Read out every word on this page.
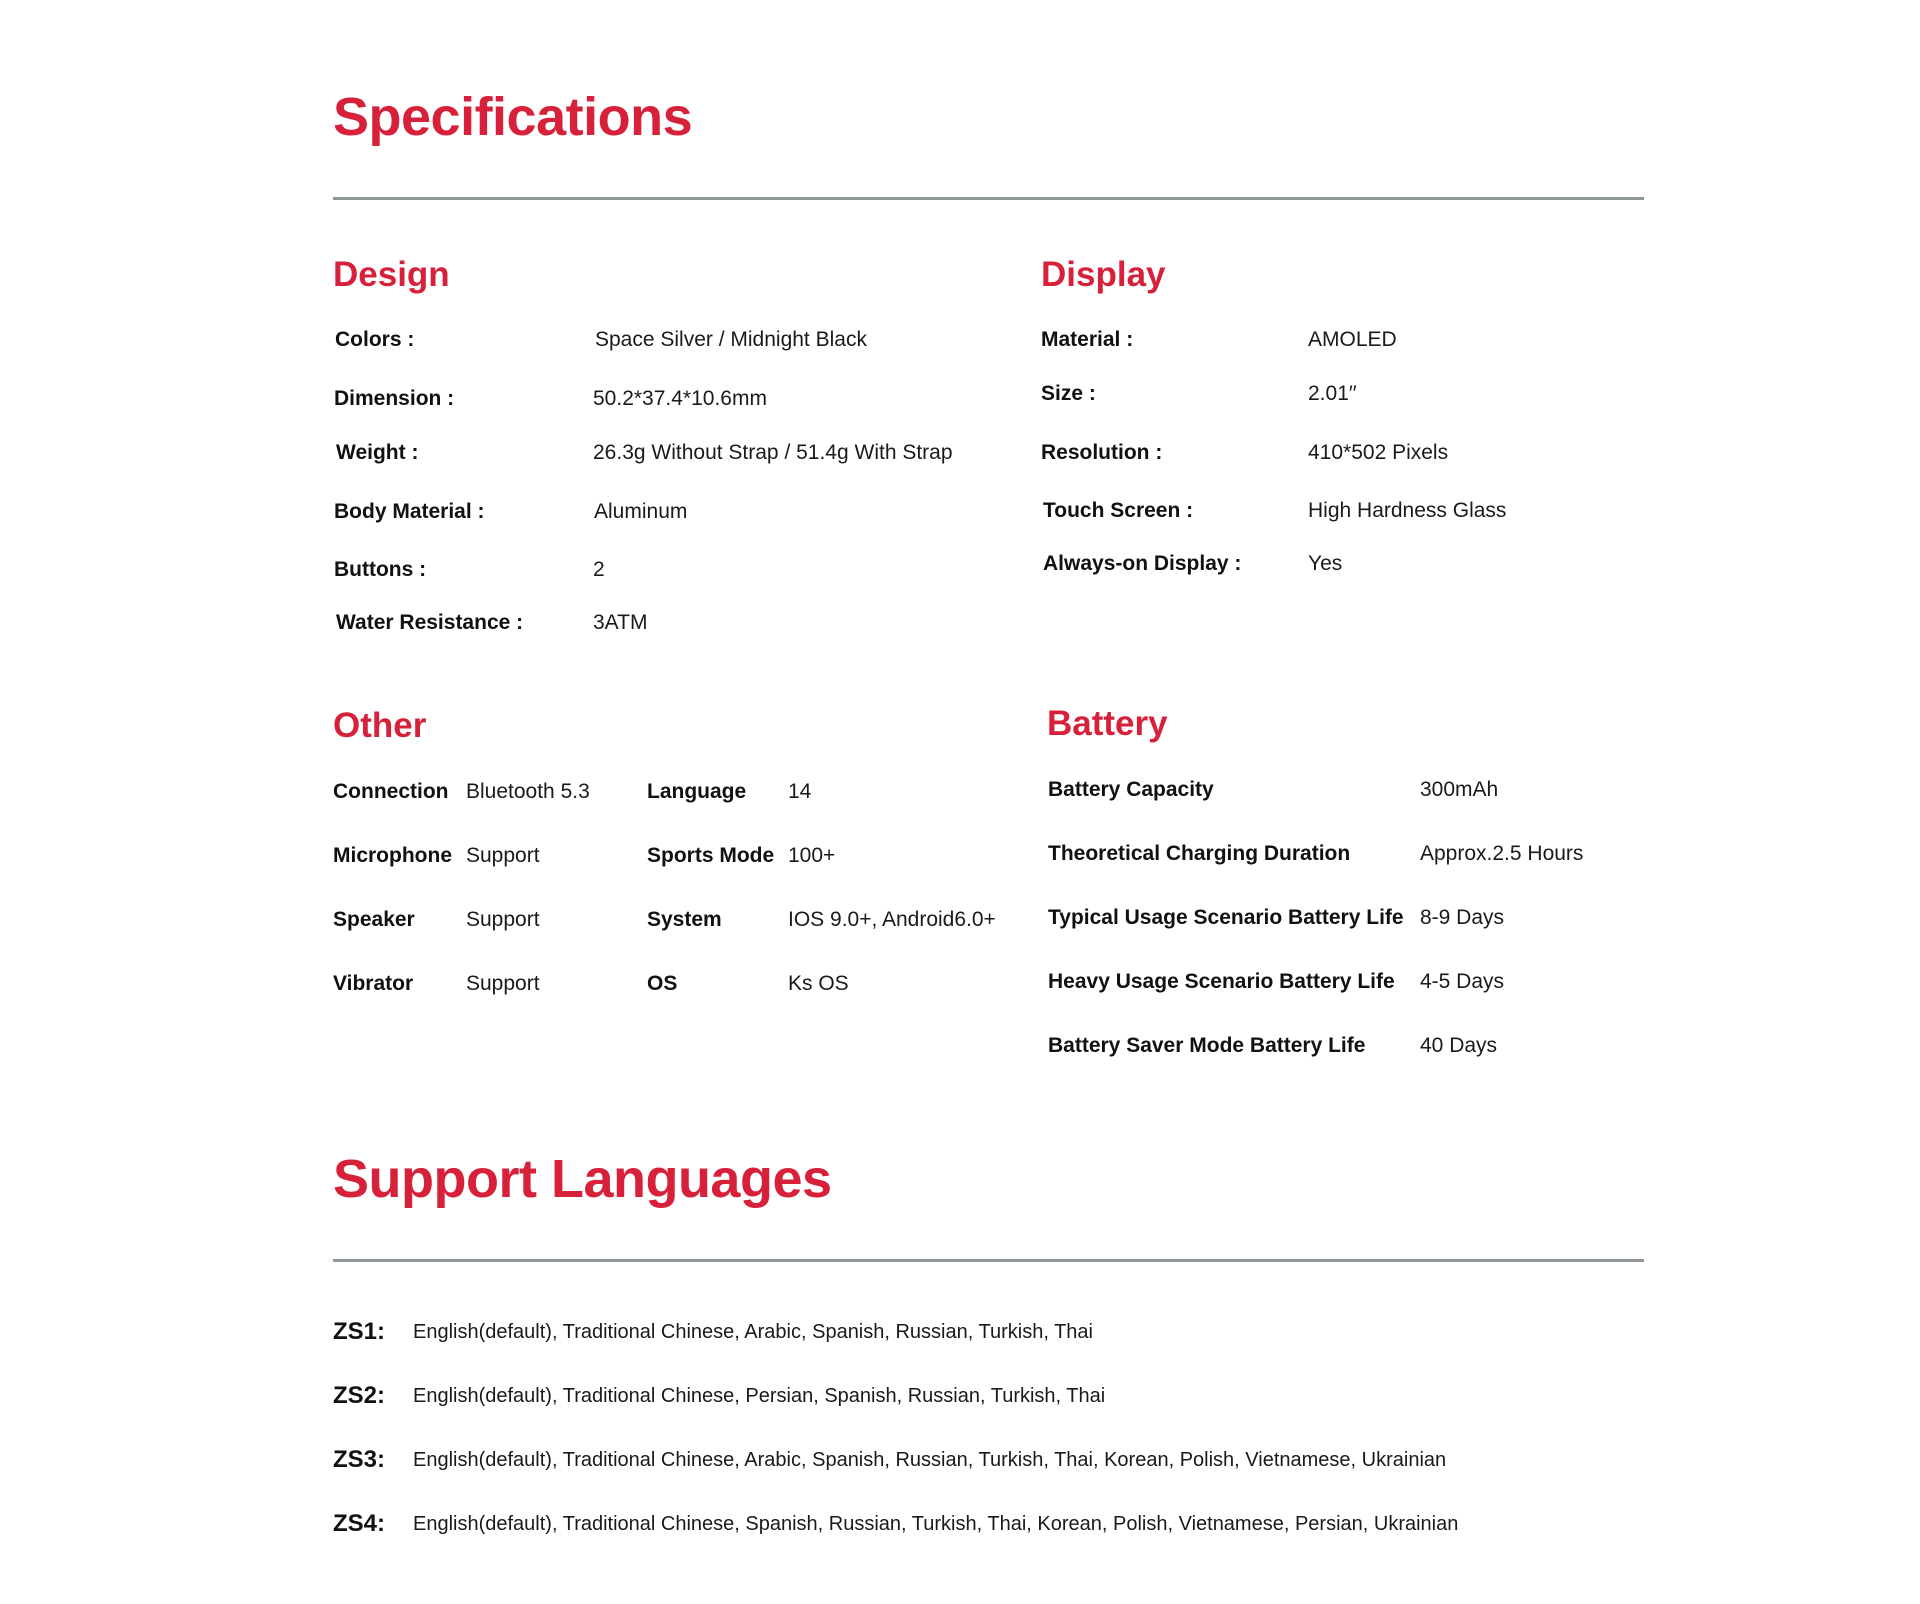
Specifications
Design
Colors :	Space Silver / Midnight Black
Dimension :	50.2*37.4*10.6mm
Weight :	26.3g Without Strap / 51.4g With Strap
Body Material :	Aluminum
Buttons :	2
Water Resistance :	3ATM
Display
Material :	AMOLED
Size :	2.01′′
Resolution :	410*502 Pixels
Touch Screen :	High Hardness Glass
Always-on Display :	Yes
Other
Connection Bluetooth 5.3	Language 14
Microphone Support	Sports Mode 100+
Speaker Support	System	IOS 9.0+, Android6.0+
Vibrator	Support	OS	Ks OS
Battery
Battery Capacity	300mAh
Theoretical Charging Duration	Approx.2.5 Hours
Typical Usage Scenario Battery Life 8-9 Days
Heavy Usage Scenario Battery Life 4-5 Days
Battery Saver Mode Battery Life	40 Days
Support Languages
ZS1: English(default), Traditional Chinese, Arabic, Spanish, Russian, Turkish, Thai
ZS2: English(default), Traditional Chinese, Persian, Spanish, Russian, Turkish, Thai
ZS3: English(default), Traditional Chinese, Arabic, Spanish, Russian, Turkish, Thai, Korean, Polish, Vietnamese, Ukrainian
ZS4: English(default), Traditional Chinese, Spanish, Russian, Turkish, Thai, Korean, Polish, Vietnamese, Persian, Ukrainian
